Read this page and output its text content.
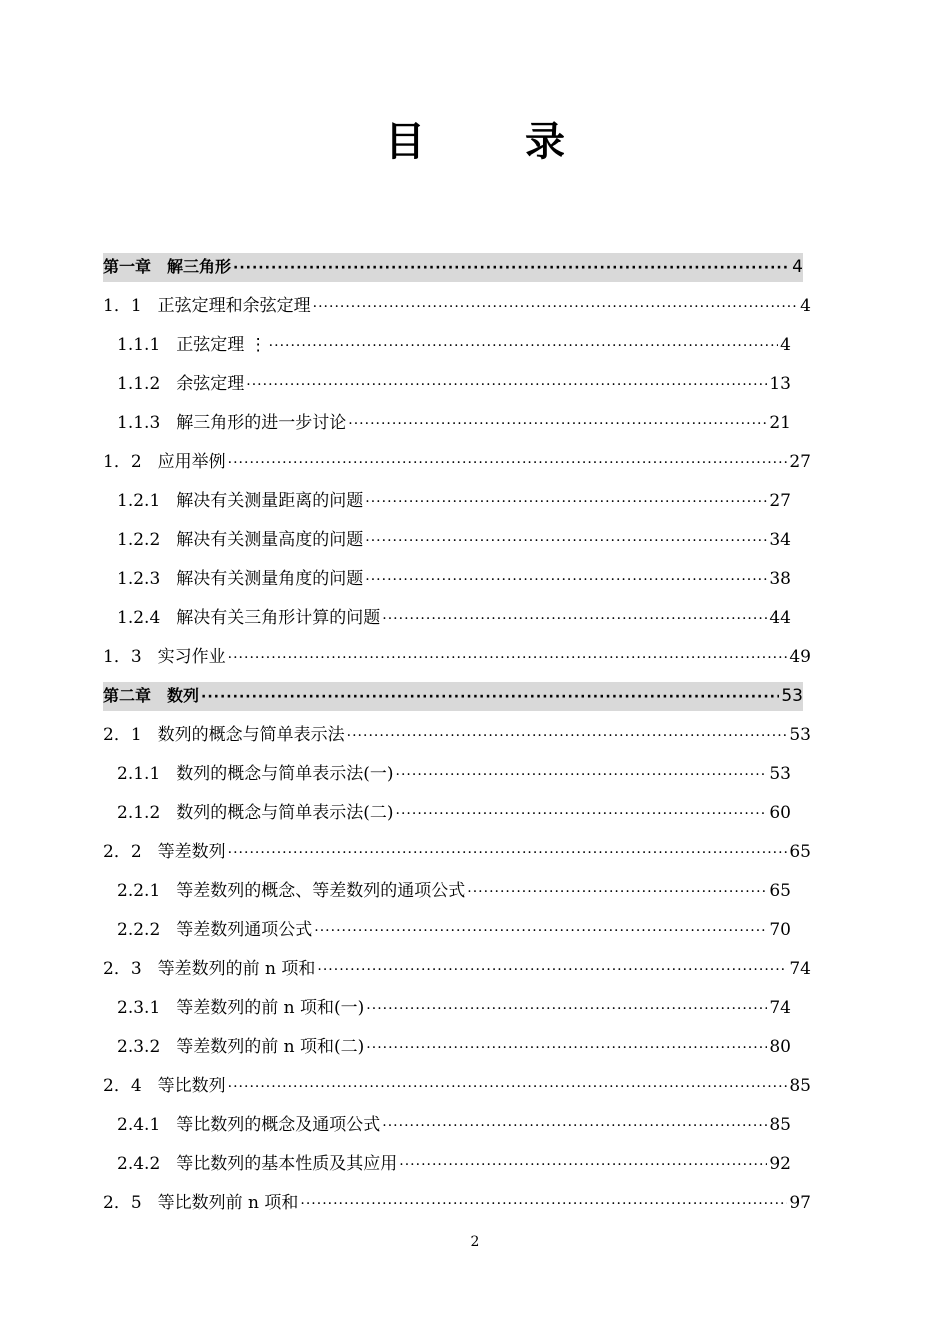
目　录
第一章 解三角形 ·····	4
1．1 正弦定理和余弦定理 ·····	4
1.1.1 正弦定理 ⋮ ·····	4
1.1.2 余弦定理 ·····	13
1.1.3 解三角形的进一步讨论 ·····	21
1．2 应用举例 ·····	27
1.2.1 解决有关测量距离的问题 ·····	27
1.2.2 解决有关测量高度的问题 ·····	34
1.2.3 解决有关测量角度的问题 ·····	38
1.2.4 解决有关三角形计算的问题 ·····	44
1．3 实习作业 ·····	49
第二章 数列 ·····	53
2．1 数列的概念与简单表示法 ·····	53
2.1.1 数列的概念与简单表示法(一) ·····	53
2.1.2 数列的概念与简单表示法(二) ·····	60
2．2 等差数列 ·····	65
2.2.1 等差数列的概念、等差数列的通项公式 ·····	65
2.2.2 等差数列通项公式 ·····	70
2．3 等差数列的前 n 项和 ·····	74
2.3.1 等差数列的前 n 项和(一) ·····	74
2.3.2 等差数列的前 n 项和(二) ·····	80
2．4 等比数列 ·····	85
2.4.1 等比数列的概念及通项公式 ·····	85
2.4.2 等比数列的基本性质及其应用 ·····	92
2．5 等比数列前 n 项和 ·····	97
2
